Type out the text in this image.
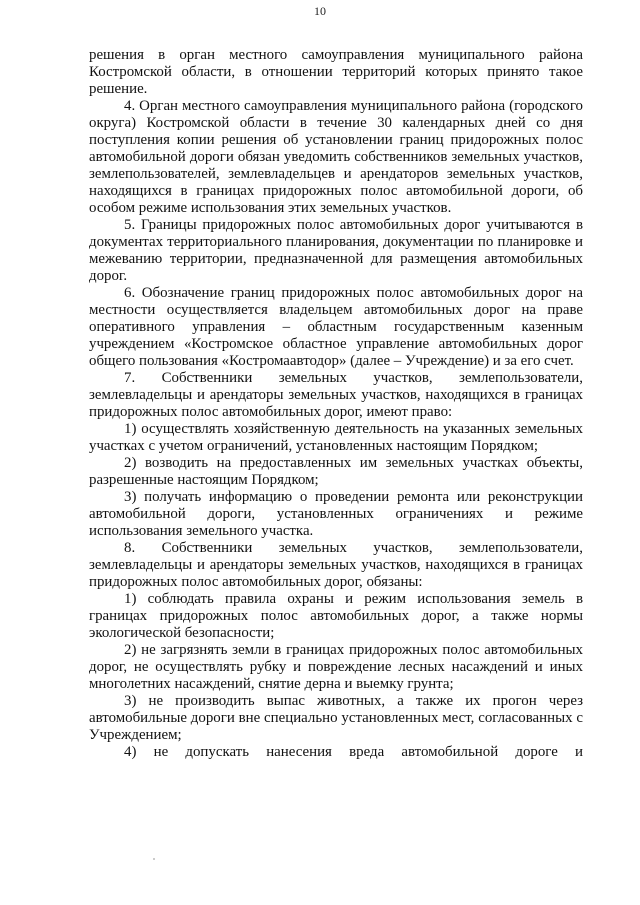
10

решения в орган местного самоуправления муниципального района Костромской области, в отношении территорий которых принято такое решение.

4. Орган местного самоуправления муниципального района (городского округа) Костромской области в течение 30 календарных дней со дня поступления копии решения об установлении границ придорожных полос автомобильной дороги обязан уведомить собственников земельных участков, землепользователей, землевладельцев и арендаторов земельных участков, находящихся в границах придорожных полос автомобильной дороги, об особом режиме использования этих земельных участков.

5. Границы придорожных полос автомобильных дорог учитываются в документах территориального планирования, документации по планировке и межеванию территории, предназначенной для размещения автомобильных дорог.

6. Обозначение границ придорожных полос автомобильных дорог на местности осуществляется владельцем автомобильных дорог на праве оперативного управления – областным государственным казенным учреждением «Костромское областное управление автомобильных дорог общего пользования «Костромаавтодор» (далее – Учреждение) и за его счет.

7. Собственники земельных участков, землепользователи, землевладельцы и арендаторы земельных участков, находящихся в границах придорожных полос автомобильных дорог, имеют право:

1) осуществлять хозяйственную деятельность на указанных земельных участках с учетом ограничений, установленных настоящим Порядком;

2) возводить на предоставленных им земельных участках объекты, разрешенные настоящим Порядком;

3) получать информацию о проведении ремонта или реконструкции автомобильной дороги, установленных ограничениях и режиме использования земельного участка.

8. Собственники земельных участков, землепользователи, землевладельцы и арендаторы земельных участков, находящихся в границах придорожных полос автомобильных дорог, обязаны:

1) соблюдать правила охраны и режим использования земель в границах придорожных полос автомобильных дорог, а также нормы экологической безопасности;

2) не загрязнять земли в границах придорожных полос автомобильных дорог, не осуществлять рубку и повреждение лесных насаждений и иных многолетних насаждений, снятие дерна и выемку грунта;

3) не производить выпас животных, а также их прогон через автомобильные дороги вне специально установленных мест, согласованных с Учреждением;

4) не допускать нанесения вреда автомобильной дороге и
